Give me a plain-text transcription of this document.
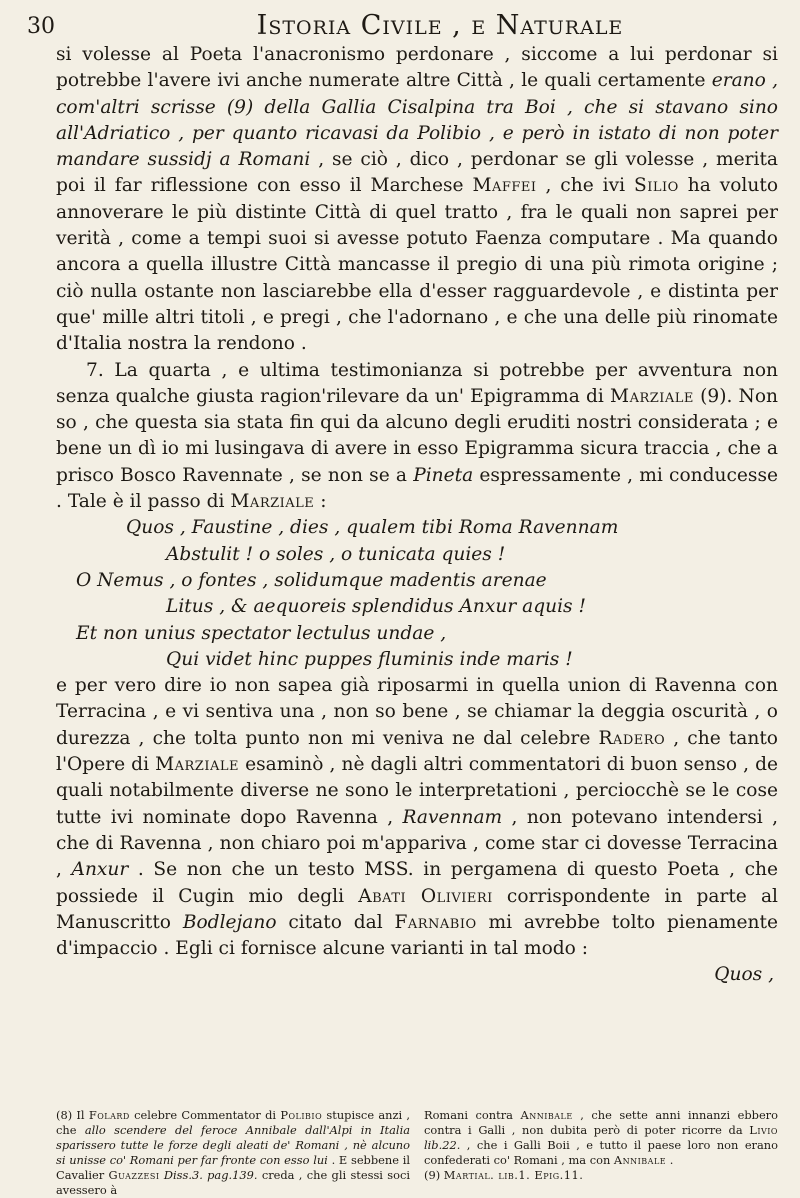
30	Istoria Civile , e Naturale

si volesse al Poeta l'anacronismo perdonare , siccome a lui perdonar si potrebbe l'avere ivi anche numerate altre Città , le quali certamente erano , com'altri scrisse (9) della Gallia Cisalpina tra Boi , che si stavano sino all'Adriatico , per quanto ricavasi da Polibio , e però in istato di non poter mandare sussidj a Romani , se ciò , dico , perdonar se gli volesse , merita poi il far riflessione con esso il Marchese Maffei , che ivi Silio ha voluto annoverare le più distinte Città di quel tratto , fra le quali non saprei per verità , come a tempi suoi si avesse potuto Faenza computare . Ma quando ancora a quella illustre Città mancasse il pregio di una più rimota origine ; ciò nulla ostante non lasciarebbe ella d'esser ragguardevole , e distinta per que' mille altri titoli , e pregi , che l'adornano , e che una delle più rinomate d'Italia nostra la rendono .

7. La quarta , e ultima testimonianza si potrebbe per avventura non senza qualche giusta ragion'rilevare da un' Epigramma di Marziale (9). Non so , che questa sia stata fin qui da alcuno degli eruditi nostri considerata ; e bene un dì io mi lusingava di avere in esso Epigramma sicura traccia , che a prisco Bosco Ravennate , se non se a Pineta espressamente , mi conducesse . Tale è il passo di Marziale :

Quos , Faustine , dies , qualem tibi Roma Ravennam

Abstulit ! o soles , o tunicata quies !

O Nemus , o fontes , solidumque madentis arenae

Litus , & aequoreis splendidus Anxur aquis !

Et non unius spectator lectulus undae ,

Qui videt hinc puppes fluminis inde maris !

e per vero dire io non sapea già riposarmi in quella union di Ravenna con Terracina , e vi sentiva una , non so bene , se chiamar la deggia oscurità , o durezza , che tolta punto non mi veniva ne dal celebre Radero , che tanto l'Opere di Marziale esaminò , nè dagli altri commentatori di buon senso , de quali notabilmente diverse ne sono le interpretationi , perciocchè se le cose tutte ivi nominate dopo Ravenna , Ravennam , non potevano intendersi , che di Ravenna , non chiaro poi m'appariva , come star ci dovesse Terracina , Anxur . Se non che un testo MSS. in pergamena di questo Poeta , che possiede il Cugin mio degli Abati Olivieri corrispondente in parte al Manuscritto Bodlejano citato dal Farnabio mi avrebbe tolto pienamente d'impaccio . Egli ci fornisce alcune varianti in tal modo :

Quos ,

(8) Il Folard celebre Commentator di Polibio stupisce anzi , che allo scendere del feroce Annibale dall'Alpi in Italia sparissero tutte le forze degli aleati de' Romani , nè alcuno si unisse co' Romani per far fronte con esso lui . E sebbene il Cavalier Guazzesi Diss.3. pag.139. creda , che gli stessi soci avessero à
Romani contra Annibale , che sette anni innanzi ebbero contra i Galli , non dubita però di poter ricorre da Livio lib.22. , che i Galli Boii , e tutto il paese loro non erano confederati co' Romani , ma con Annibale .
(9) Martial. lib.1. Epig.11.
